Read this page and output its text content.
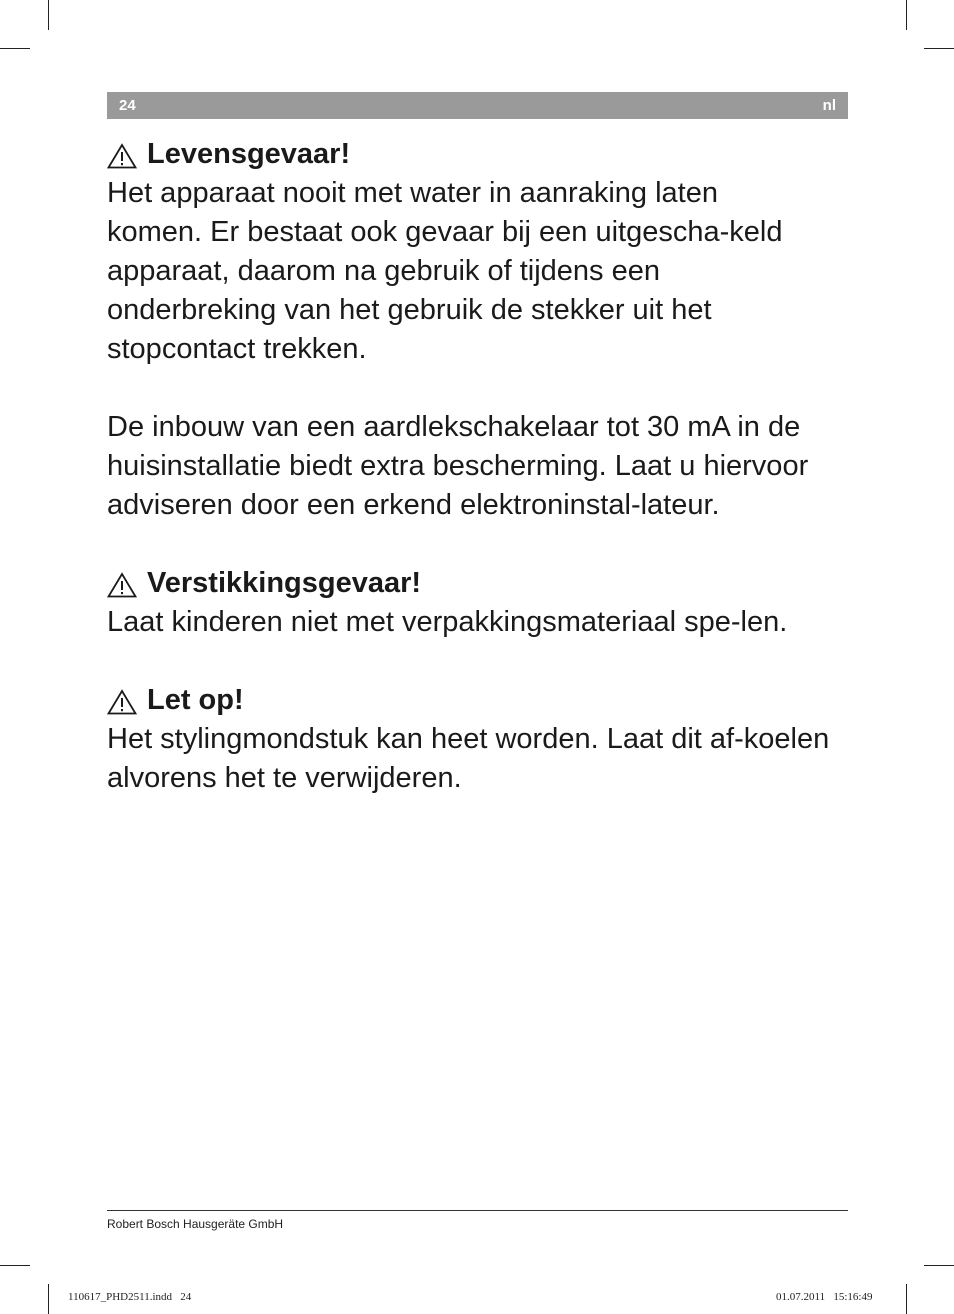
24	nl
Levensgevaar!

Het apparaat nooit met water in aanraking laten komen. Er bestaat ook gevaar bij een uitgescha-keld apparaat, daarom na gebruik of tijdens een onderbreking van het gebruik de stekker uit het stopcontact trekken.

De inbouw van een aardlekschakelaar tot 30 mA in de huisinstallatie biedt extra bescherming. Laat u hiervoor adviseren door een erkend elektroninstal-lateur.

Verstikkingsgevaar!

Laat kinderen niet met verpakkingsmateriaal spe-len.

Let op!

Het stylingmondstuk kan heet worden. Laat dit af-koelen alvorens het te verwijderen.

Robert Bosch Hausgeräte GmbH
110617_PHD2511.indd   24	01.07.2011   15:16:49
